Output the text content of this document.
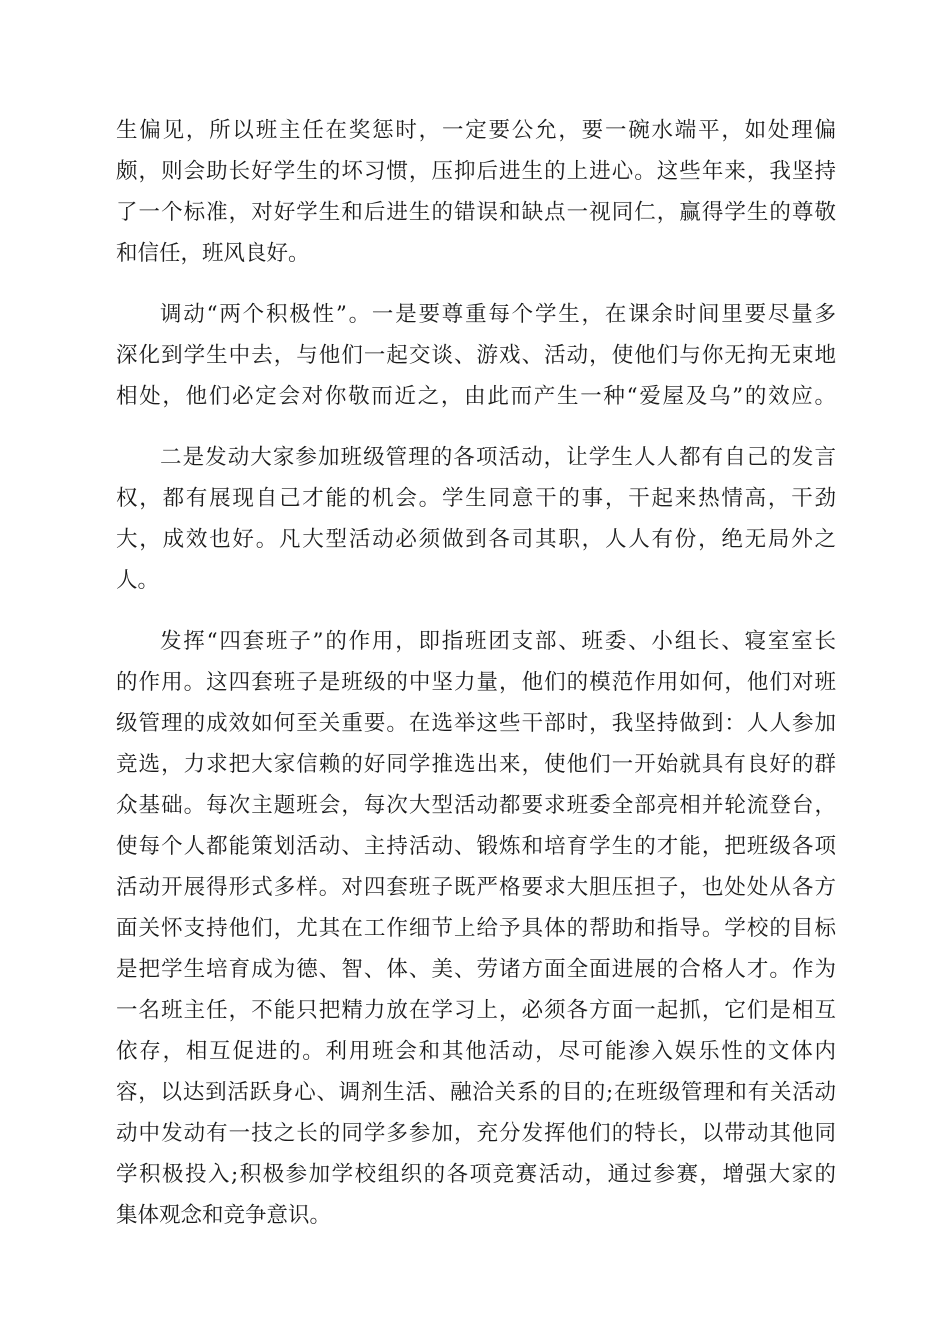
生偏见，所以班主任在奖惩时，一定要公允，要一碗水端平，如处理偏
颇，则会助长好学生的坏习惯，压抑后进生的上进心。这些年来，我坚持
了一个标准，对好学生和后进生的错误和缺点一视同仁，赢得学生的尊敬
和信任，班风良好。
调动“两个积极性”。一是要尊重每个学生，在课余时间里要尽量多
深化到学生中去，与他们一起交谈、游戏、活动，使他们与你无拘无束地
相处，他们必定会对你敬而近之，由此而产生一种“爱屋及乌”的效应。
二是发动大家参加班级管理的各项活动，让学生人人都有自己的发言
权，都有展现自己才能的机会。学生同意干的事，干起来热情高，干劲
大，成效也好。凡大型活动必须做到各司其职，人人有份，绝无局外之
人。
发挥“四套班子”的作用，即指班团支部、班委、小组长、寝室室长
的作用。这四套班子是班级的中坚力量，他们的模范作用如何，他们对班
级管理的成效如何至关重要。在选举这些干部时，我坚持做到：人人参加
竞选，力求把大家信赖的好同学推选出来，使他们一开始就具有良好的群
众基础。每次主题班会，每次大型活动都要求班委全部亮相并轮流登台，
使每个人都能策划活动、主持活动、锻炼和培育学生的才能，把班级各项
活动开展得形式多样。对四套班子既严格要求大胆压担子，也处处从各方
面关怀支持他们，尤其在工作细节上给予具体的帮助和指导。学校的目标
是把学生培育成为德、智、体、美、劳诸方面全面进展的合格人才。作为
一名班主任，不能只把精力放在学习上，必须各方面一起抓，它们是相互
依存，相互促进的。利用班会和其他活动，尽可能渗入娱乐性的文体内
容，以达到活跃身心、调剂生活、融洽关系的目的;在班级管理和有关活动
动中发动有一技之长的同学多参加，充分发挥他们的特长，以带动其他同
学积极投入;积极参加学校组织的各项竞赛活动，通过参赛，增强大家的
集体观念和竞争意识。
